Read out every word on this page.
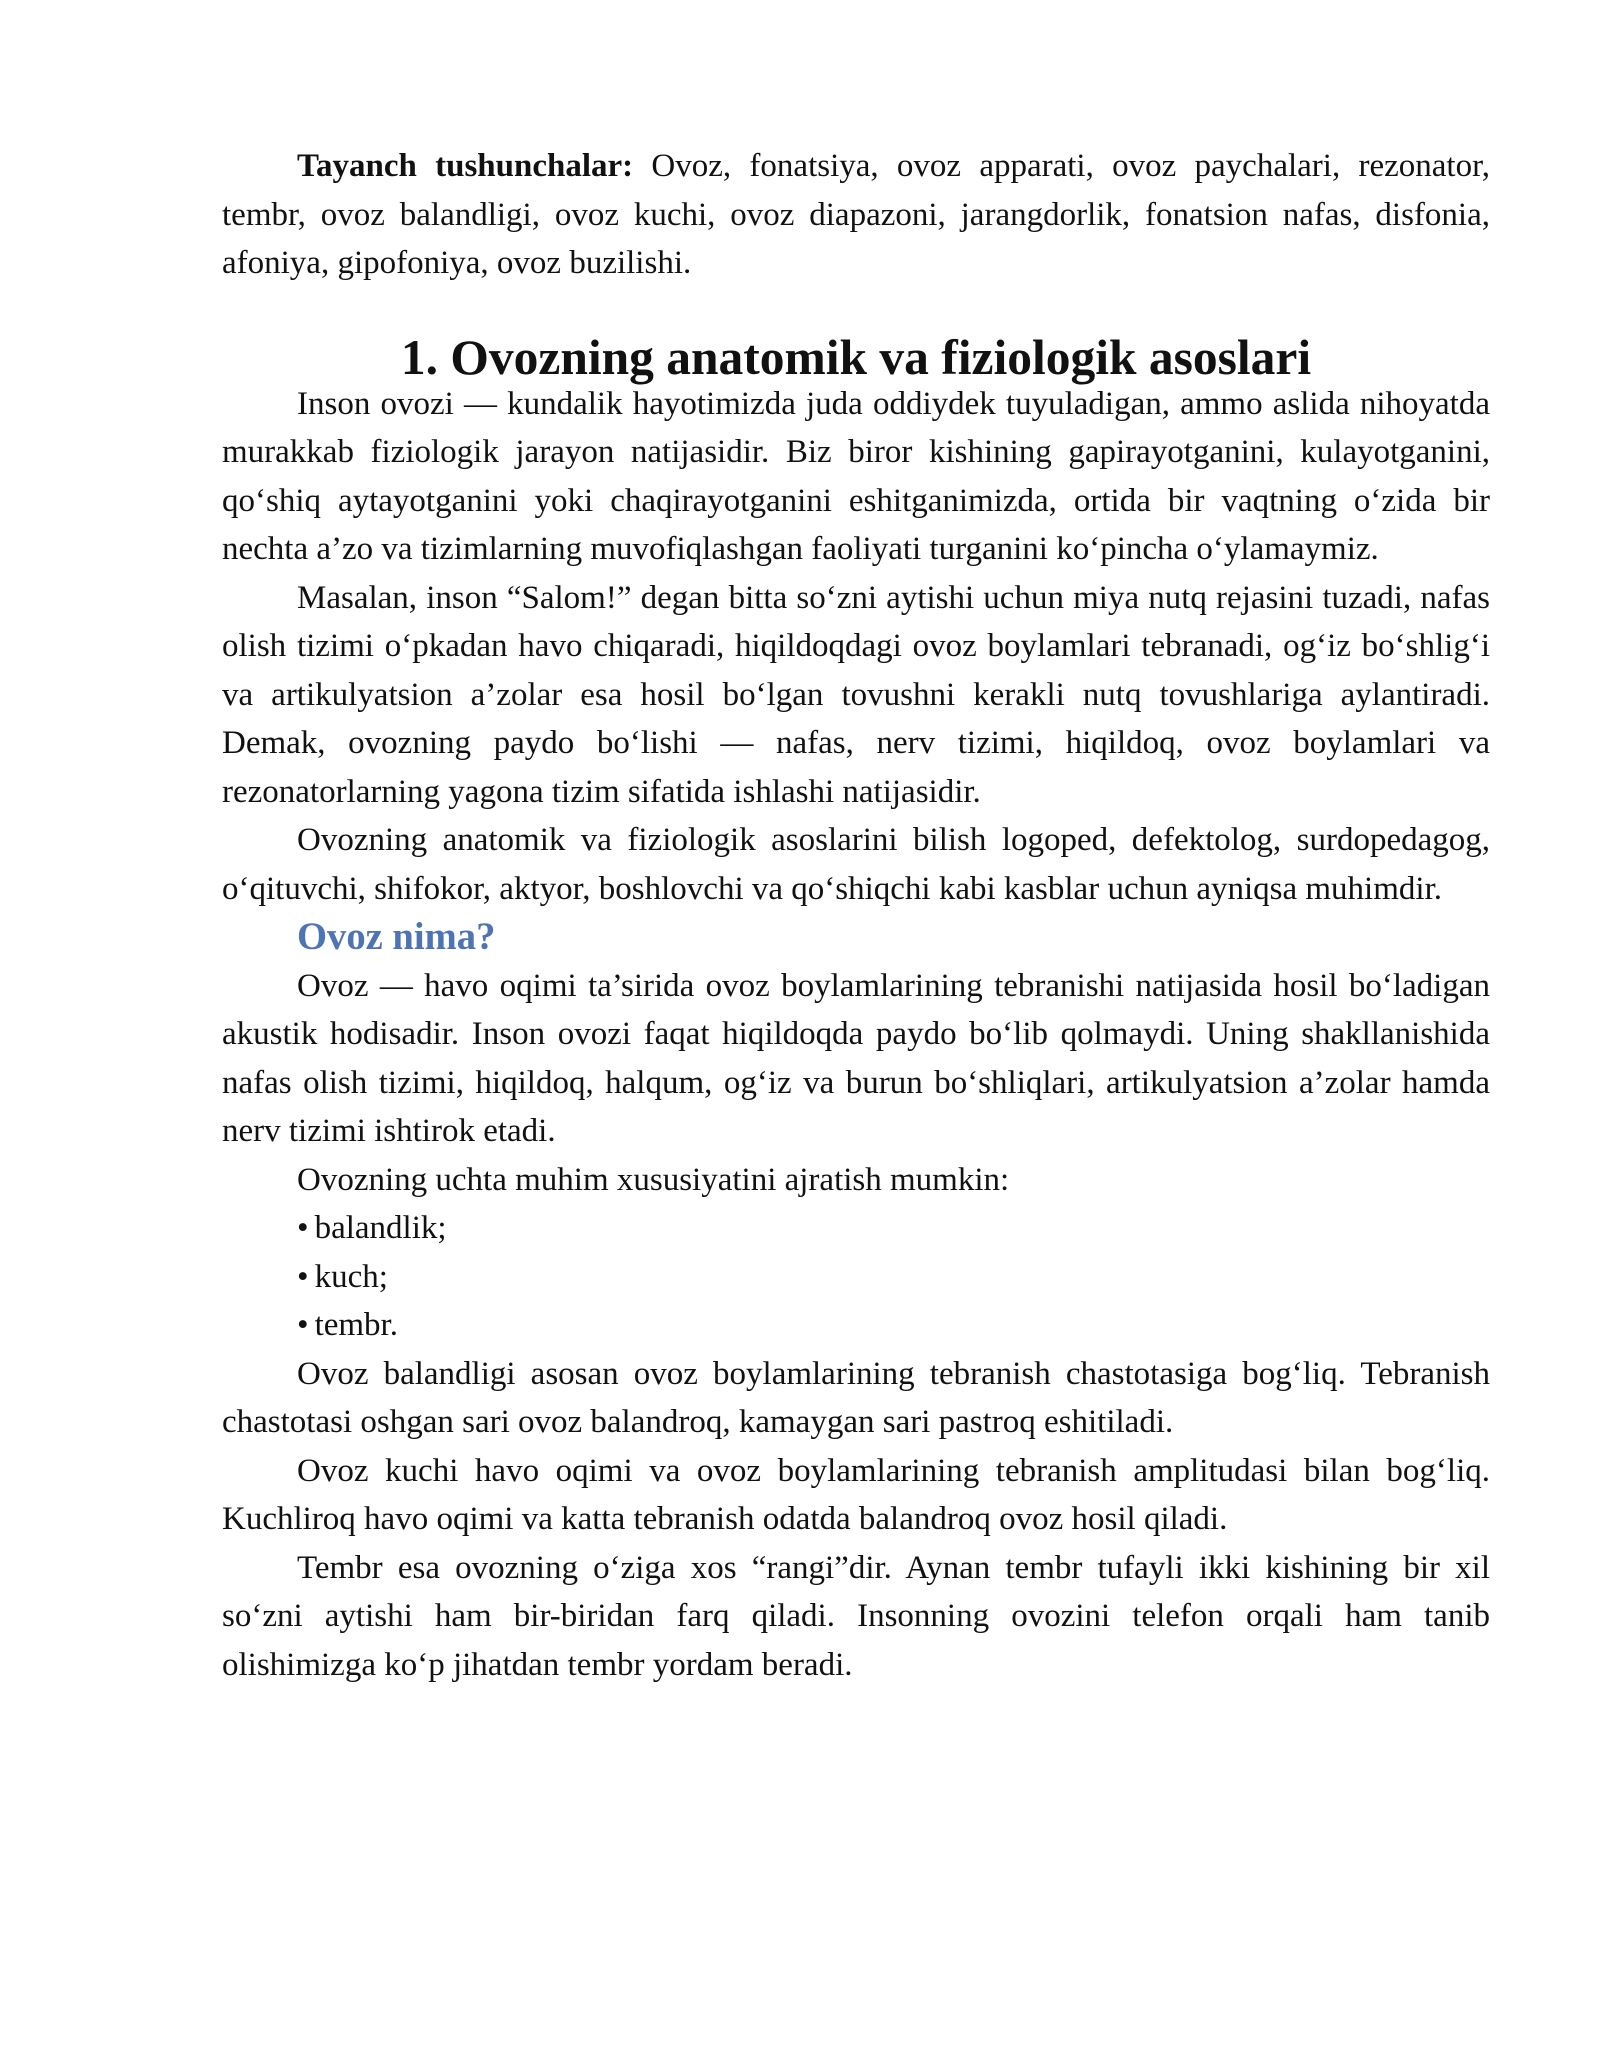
Tayanch tushunchalar: Ovoz, fonatsiya, ovoz apparati, ovoz paychalari, rezonator, tembr, ovoz balandligi, ovoz kuchi, ovoz diapazoni, jarangdorlik, fonatsion nafas, disfonia, afoniya, gipofoniya, ovoz buzilishi.

1. Ovozning anatomik va fiziologik asoslari

Inson ovozi — kundalik hayotimizda juda oddiydek tuyuladigan, ammo aslida nihoyatda murakkab fiziologik jarayon natijasidir. Biz biror kishining gapirayotganini, kulayotganini, qoʻshiq aytayotganini yoki chaqirayotganini eshitganimizda, ortida bir vaqtning oʻzida bir nechta a’zo va tizimlarning muvofiqlashgan faoliyati turganini koʻpincha oʻylamaymiz.

Masalan, inson “Salom!” degan bitta soʻzni aytishi uchun miya nutq rejasini tuzadi, nafas olish tizimi oʻpkadan havo chiqaradi, hiqildoqdagi ovoz boylamlari tebranadi, ogʻiz boʻshligʻi va artikulyatsion a’zolar esa hosil boʻlgan tovushni kerakli nutq tovushlariga aylantiradi. Demak, ovozning paydo boʻlishi — nafas, nerv tizimi, hiqildoq, ovoz boylamlari va rezonatorlarning yagona tizim sifatida ishlashi natijasidir.

Ovozning anatomik va fiziologik asoslarini bilish logoped, defektolog, surdopedagog, oʻqituvchi, shifokor, aktyor, boshlovchi va qoʻshiqchi kabi kasblar uchun ayniqsa muhimdir.

Ovoz nima?

Ovoz — havo oqimi ta’sirida ovoz boylamlarining tebranishi natijasida hosil boʻladigan akustik hodisadir. Inson ovozi faqat hiqildoqda paydo boʻlib qolmaydi. Uning shakllanishida nafas olish tizimi, hiqildoq, halqum, ogʻiz va burun boʻshliqlari, artikulyatsion a’zolar hamda nerv tizimi ishtirok etadi.

Ovozning uchta muhim xususiyatini ajratish mumkin:

• balandlik;
• kuch;
• tembr.

Ovoz balandligi asosan ovoz boylamlarining tebranish chastotasiga bogʻliq. Tebranish chastotasi oshgan sari ovoz balandroq, kamaygan sari pastroq eshitiladi.

Ovoz kuchi havo oqimi va ovoz boylamlarining tebranish amplitudasi bilan bogʻliq. Kuchliroq havo oqimi va katta tebranish odatda balandroq ovoz hosil qiladi.

Tembr esa ovozning oʻziga xos “rangi”dir. Aynan tembr tufayli ikki kishining bir xil soʻzni aytishi ham bir-biridan farq qiladi. Insonning ovozini telefon orqali ham tanib olishimizga koʻp jihatdan tembr yordam beradi.
